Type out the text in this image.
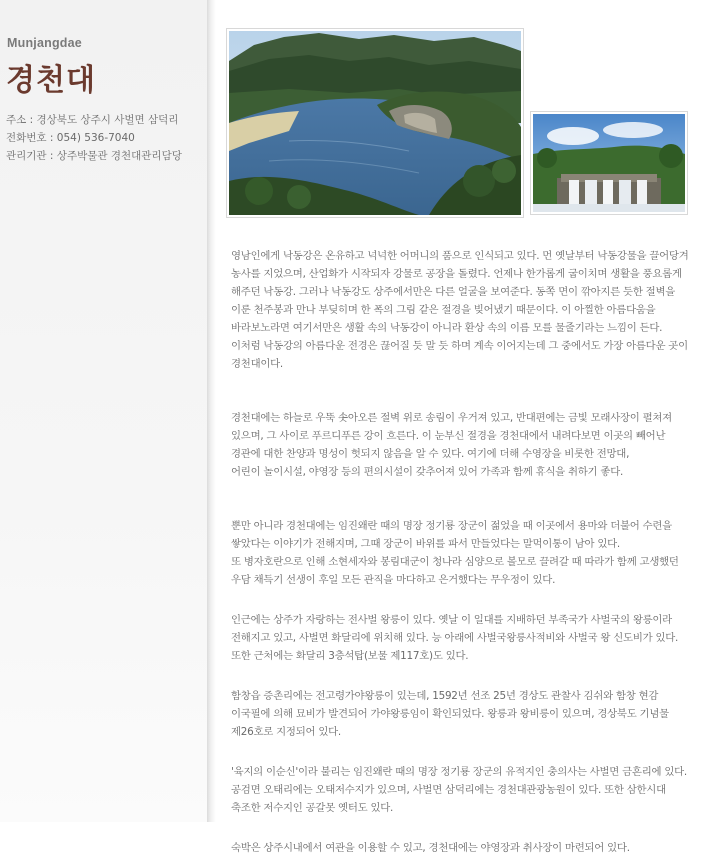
Munjangdae
경천대
주소 : 경상북도 상주시 사벌면 삼덕리
전화번호 : 054) 536-7040
관리기관 : 상주박물관 경천대관리담당

영남인에게 낙동강은 온유하고 넉넉한 어머니의 품으로 인식되고 있다. 먼 옛날부터 낙동강물을 끌어당겨
농사를 지었으며, 산업화가 시작되자 강물로 공장을 돌렸다. 언제나 한가롭게 굽이치며 생활을 풍요롭게
해주던 낙동강. 그러나 낙동강도 상주에서만은 다른 얼굴을 보여준다. 동쪽 면이 깎아지른 듯한 절벽을
이룬 천주봉과 만나 부딪히며 한 폭의 그림 같은 절경을 빚어냈기 때문이다. 이 아찔한 아름다움을
바라보노라면 여기서만은 생활 속의 낙동강이 아니라 환상 속의 이름 모를 물줄기라는 느낌이 든다.
이처럼 낙동강의 아름다운 전경은 끊어질 듯 말 듯 하며 계속 이어지는데 그 중에서도 가장 아름다운 곳이
경천대이다.

경천대에는 하늘로 우뚝 솟아오른 절벽 위로 송림이 우거져 있고, 반대편에는 금빛 모래사장이 펼쳐져
있으며, 그 사이로 푸르디푸른 강이 흐른다. 이 눈부신 절경을 경천대에서 내려다보면 이곳의 빼어난
경관에 대한 찬양과 명성이 헛되지 않음을 알 수 있다. 여기에 더해 수영장을 비롯한 전망대,
어린이 놀이시설, 야영장 등의 편의시설이 갖추어져 있어 가족과 함께 휴식을 취하기 좋다.

뿐만 아니라 경천대에는 임진왜란 때의 명장 정기룡 장군이 젊었을 때 이곳에서 용마와 더불어 수련을
쌓았다는 이야기가 전해지며, 그때 장군이 바위를 파서 만들었다는 말먹이통이 남아 있다.
또 병자호란으로 인해 소현세자와 봉림대군이 청나라 심양으로 볼모로 끌려갈 때 따라가 함께 고생했던
우담 채득기 선생이 후일 모든 관직을 마다하고 은거했다는 무우정이 있다.

인근에는 상주가 자랑하는 전사벌 왕릉이 있다. 옛날 이 일대를 지배하던 부족국가 사벌국의 왕릉이라
전해지고 있고, 사벌면 화달리에 위치해 있다. 능 아래에 사벌국왕릉사적비와 사벌국 왕 신도비가 있다.
또한 근처에는 화달리 3층석탑(보물 제117호)도 있다.

함창읍 증촌리에는 전고령가야왕릉이 있는데, 1592년 선조 25년 경상도 관찰사 김쉬와 함창 현감
이국필에 의해 묘비가 발견되어 가야왕릉임이 확인되었다. 왕릉과 왕비릉이 있으며, 경상북도 기념물
제26호로 지정되어 있다.

'육지의 이순신'이라 불리는 임진왜란 때의 명장 정기룡 장군의 유적지인 충의사는 사벌면 금흔리에 있다.
공검면 오태리에는 오태저수지가 있으며, 사벌면 삼덕리에는 경천대관광농원이 있다. 또한 삼한시대
축조한 저수지인 공갈못 옛터도 있다.

숙박은 상주시내에서 여관을 이용할 수 있고, 경천대에는 야영장과 취사장이 마련되어 있다.
